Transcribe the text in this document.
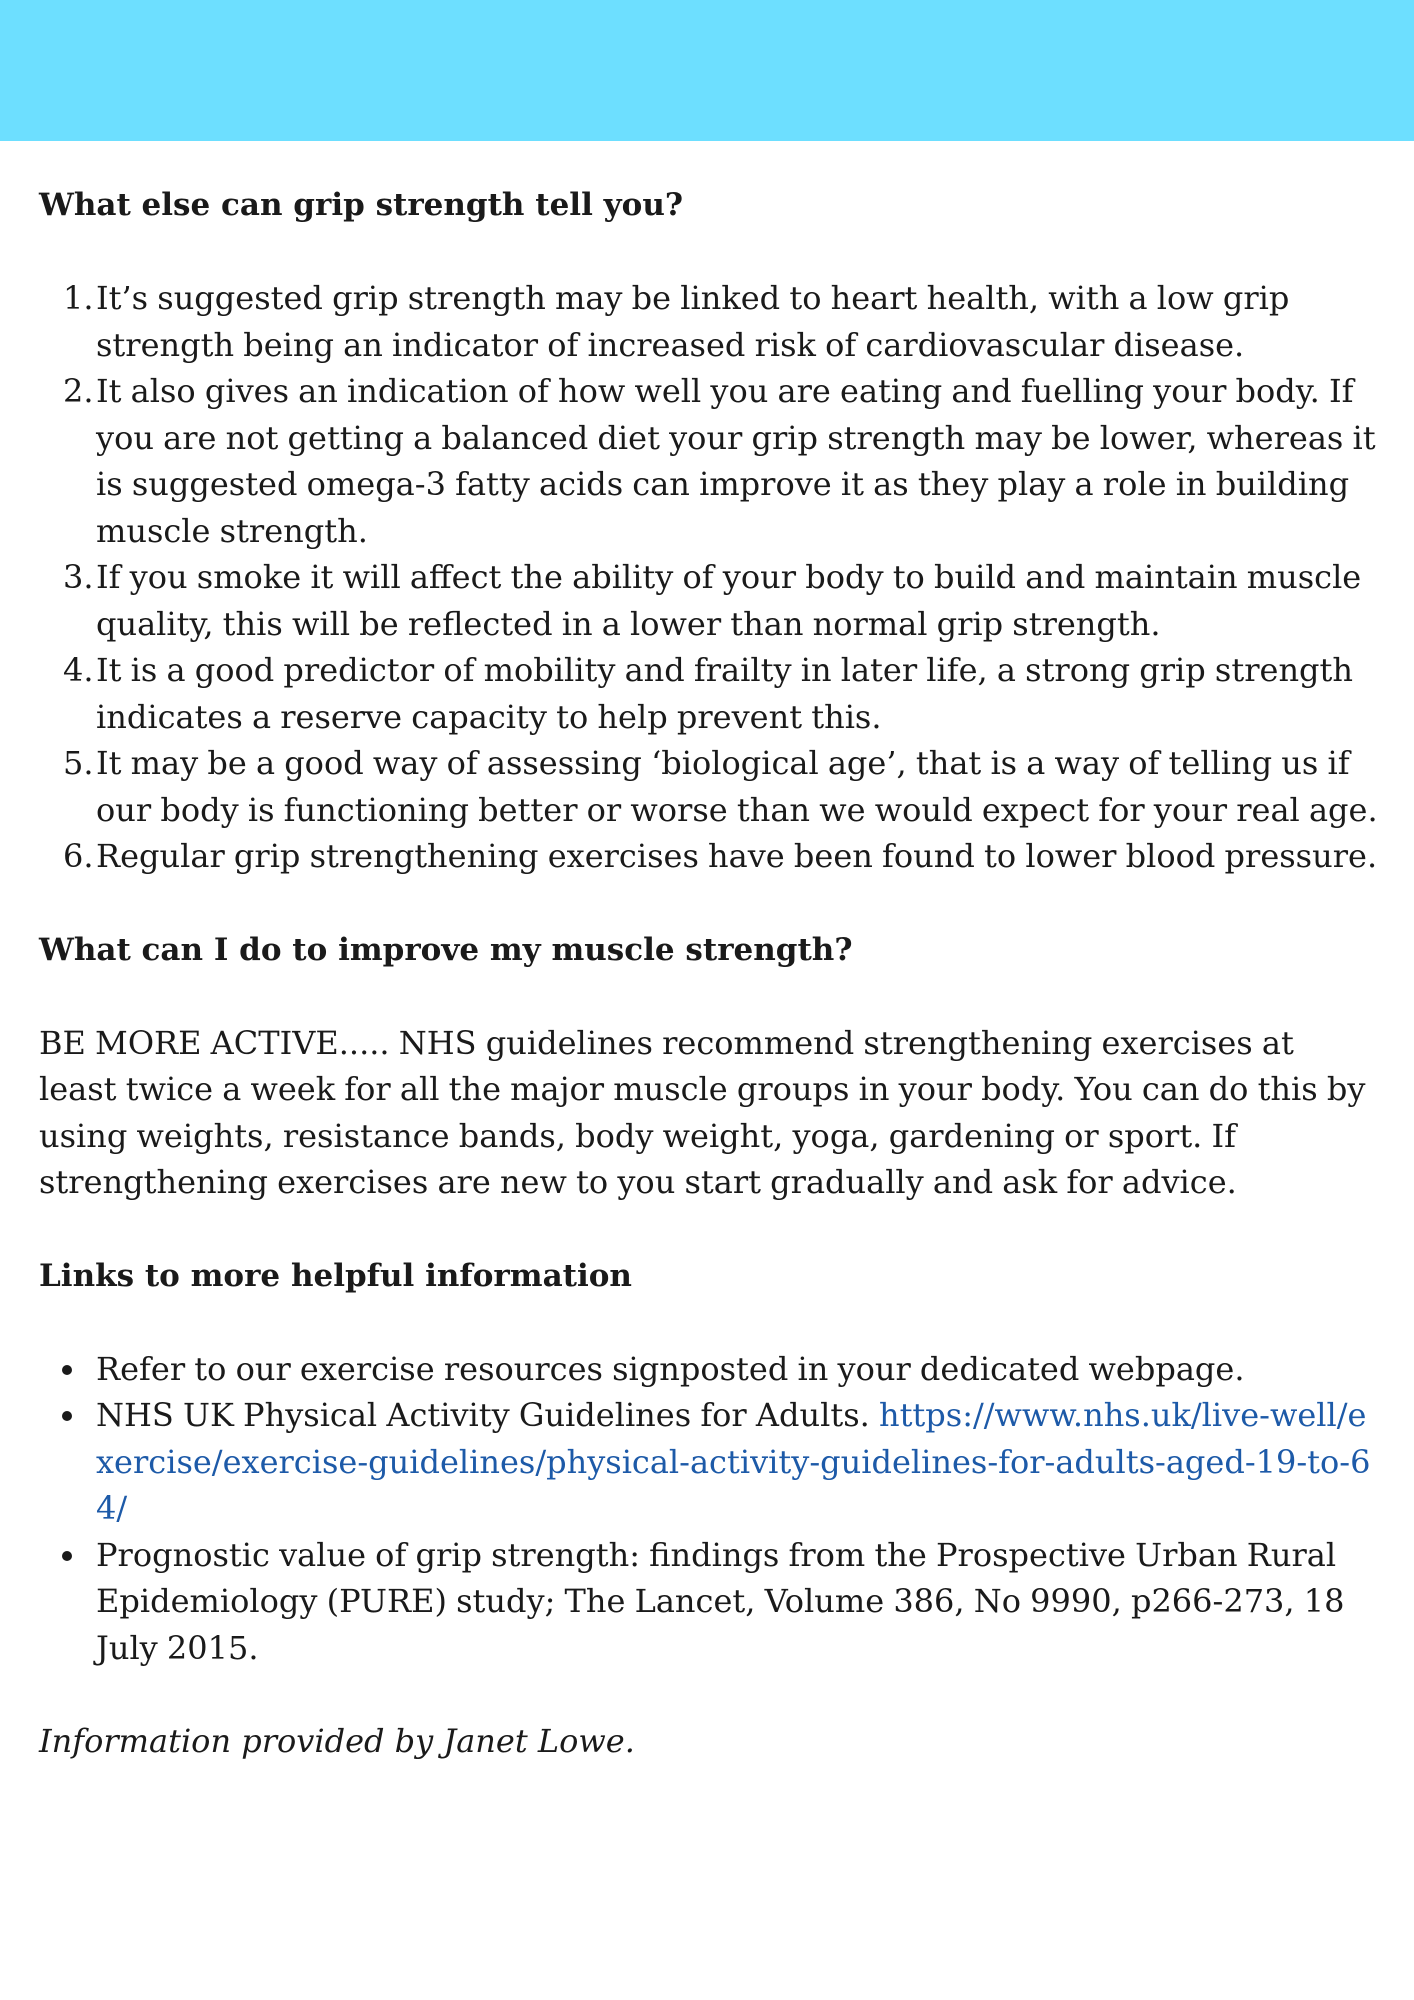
What else can grip strength tell you?
1. It’s suggested grip strength may be linked to heart health, with a low grip strength being an indicator of increased risk of cardiovascular disease.
2. It also gives an indication of how well you are eating and fuelling your body. If you are not getting a balanced diet your grip strength may be lower, whereas it is suggested omega-3 fatty acids can improve it as they play a role in building muscle strength.
3. If you smoke it will affect the ability of your body to build and maintain muscle quality, this will be reflected in a lower than normal grip strength.
4. It is a good predictor of mobility and frailty in later life, a strong grip strength indicates a reserve capacity to help prevent this.
5. It may be a good way of assessing ‘biological age’, that is a way of telling us if our body is functioning better or worse than we would expect for your real age.
6. Regular grip strengthening exercises have been found to lower blood pressure.
What can I do to improve my muscle strength?

BE MORE ACTIVE..... NHS guidelines recommend strengthening exercises at least twice a week for all the major muscle groups in your body. You can do this by using weights, resistance bands, body weight, yoga, gardening or sport. If strengthening exercises are new to you start gradually and ask for advice.

Links to more helpful information
Refer to our exercise resources signposted in your dedicated webpage.
NHS UK Physical Activity Guidelines for Adults. https://www.nhs.uk/live-well/exercise/exercise-guidelines/physical-activity-guidelines-for-adults-aged-19-to-64/
Prognostic value of grip strength: findings from the Prospective Urban Rural Epidemiology (PURE) study; The Lancet, Volume 386, No 9990, p266-273, 18 July 2015.

Information provided by Janet Lowe.
